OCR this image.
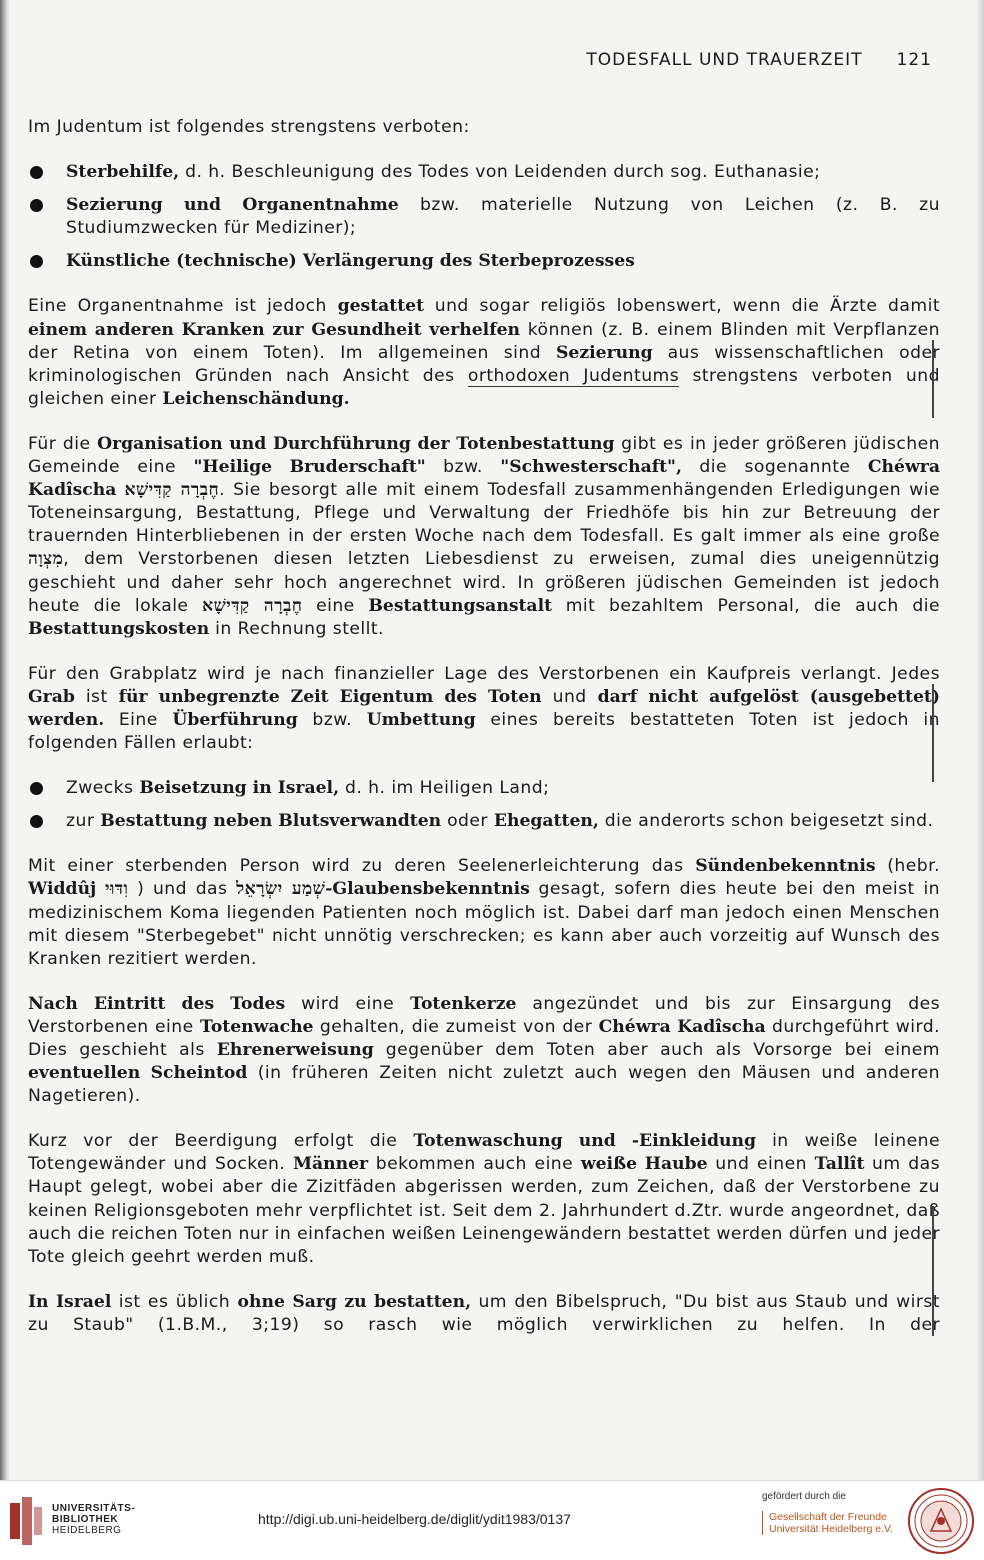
TODESFALL UND TRAUERZEIT 121

Im Judentum ist folgendes strengstens verboten:

Sterbehilfe, d. h. Beschleunigung des Todes von Leidenden durch sog. Euthanasie;

Sezierung und Organentnahme bzw. materielle Nutzung von Leichen (z. B. zu Studiumzwecken für Mediziner);

Künstliche (technische) Verlängerung des Sterbeprozesses

Eine Organentnahme ist jedoch gestattet und sogar religiös lobenswert, wenn die Ärzte damit einem anderen Kranken zur Gesundheit verhelfen können (z. B. einem Blinden mit Verpflanzen der Retina von einem Toten). Im allgemeinen sind Sezierung aus wissenschaftlichen oder kriminologischen Gründen nach Ansicht des orthodoxen Judentums strengstens verboten und gleichen einer Leichenschändung.

Für die Organisation und Durchführung der Totenbestattung gibt es in jeder größeren jüdischen Gemeinde eine "Heilige Bruderschaft" bzw. "Schwesterschaft", die sogenannte Chéwra Kadîscha חֶבְרָה קַדִּישָׁא. Sie besorgt alle mit einem Todesfall zusammenhängenden Erledigungen wie Toteneinsargung, Bestattung, Pflege und Verwaltung der Friedhöfe bis hin zur Betreuung der trauernden Hinterbliebenen in der ersten Woche nach dem Todesfall. Es galt immer als eine große מִצְוָה, dem Verstorbenen diesen letzten Liebesdienst zu erweisen, zumal dies uneigennützig geschieht und daher sehr hoch angerechnet wird. In größeren jüdischen Gemeinden ist jedoch heute die lokale חֶבְרָה קַדִּישָׁא eine Bestattungsanstalt mit bezahltem Personal, die auch die Bestattungskosten in Rechnung stellt.

Für den Grabplatz wird je nach finanzieller Lage des Verstorbenen ein Kaufpreis verlangt. Jedes Grab ist für unbegrenzte Zeit Eigentum des Toten und darf nicht aufgelöst (ausgebettet) werden. Eine Überführung bzw. Umbettung eines bereits bestatteten Toten ist jedoch in folgenden Fällen erlaubt:

Zwecks Beisetzung in Israel, d. h. im Heiligen Land;

zur Bestattung neben Blutsverwandten oder Ehegatten, die anderorts schon beigesetzt sind.

Mit einer sterbenden Person wird zu deren Seelenerleichterung das Sündenbekenntnis (hebr. Widdûj וִדּוּי ) und das שְׁמַע יִשְׂרָאֵל-Glaubensbekenntnis gesagt, sofern dies heute bei den meist in medizinischem Koma liegenden Patienten noch möglich ist. Dabei darf man jedoch einen Menschen mit diesem "Sterbegebet" nicht unnötig verschrecken; es kann aber auch vorzeitig auf Wunsch des Kranken rezitiert werden.

Nach Eintritt des Todes wird eine Totenkerze angezündet und bis zur Einsargung des Verstorbenen eine Totenwache gehalten, die zumeist von der Chéwra Kadîscha durchgeführt wird. Dies geschieht als Ehrenerweisung gegenüber dem Toten aber auch als Vorsorge bei einem eventuellen Scheintod (in früheren Zeiten nicht zuletzt auch wegen den Mäusen und anderen Nagetieren).

Kurz vor der Beerdigung erfolgt die Totenwaschung und -Einkleidung in weiße leinene Totengewänder und Socken. Männer bekommen auch eine weiße Haube und einen Tallît um das Haupt gelegt, wobei aber die Zizitfäden abgerissen werden, zum Zeichen, daß der Verstorbene zu keinen Religionsgeboten mehr verpflichtet ist. Seit dem 2. Jahrhundert d.Ztr. wurde angeordnet, daß auch die reichen Toten nur in einfachen weißen Leinengewändern bestattet werden dürfen und jeder Tote gleich geehrt werden muß.

In Israel ist es üblich ohne Sarg zu bestatten, um den Bibelspruch, "Du bist aus Staub und wirst zu Staub" (1.B.M., 3;19) so rasch wie möglich verwirklichen zu helfen. In der

UNIVERSITÄTS-
BIBLIOTHEK
HEIDELBERG
http://digi.ub.uni-heidelberg.de/diglit/ydit1983/0137
gefördert durch die
Gesellschaft der Freunde
Universität Heidelberg e.V.
